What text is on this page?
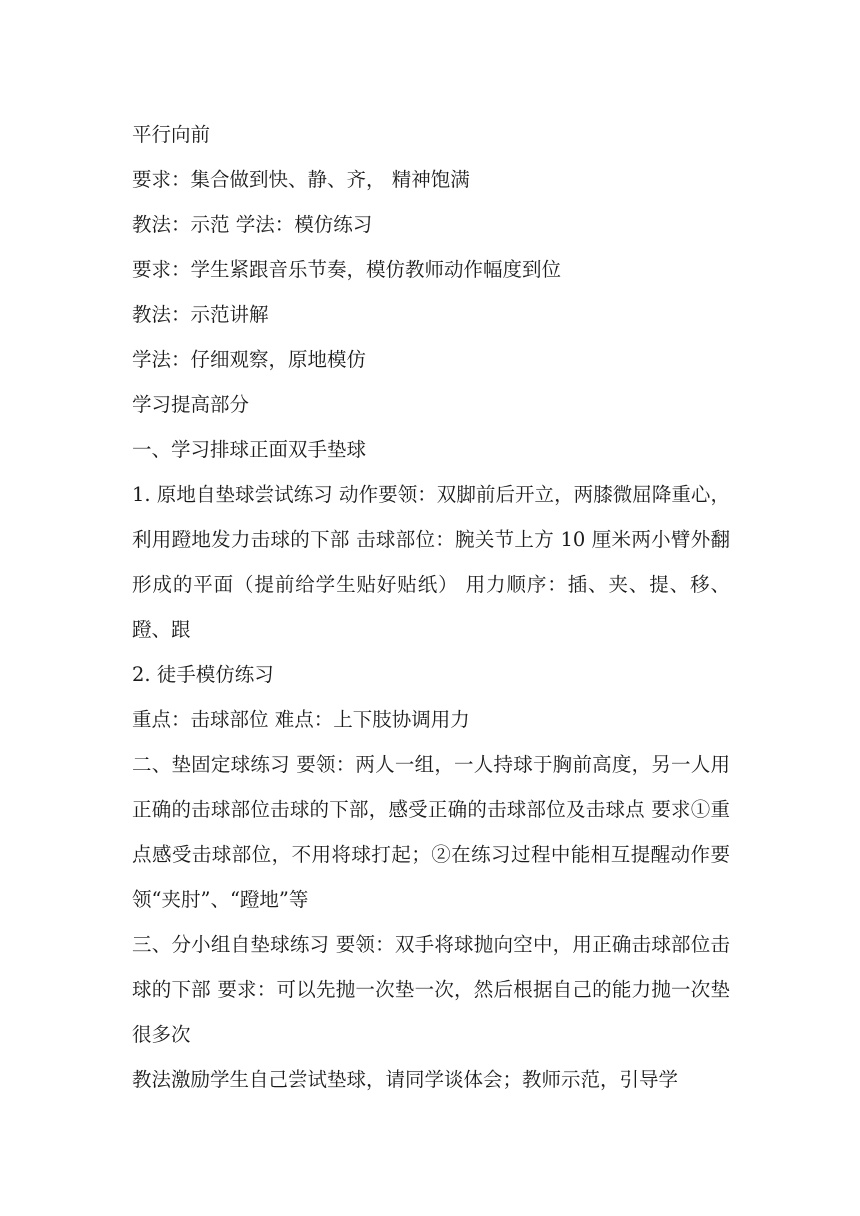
平行向前

要求：集合做到快、静、齐， 精神饱满

教法：示范 学法：模仿练习

要求：学生紧跟音乐节奏，模仿教师动作幅度到位

教法：示范讲解

学法：仔细观察，原地模仿

学习提高部分

一、学习排球正面双手垫球

1. 原地自垫球尝试练习 动作要领：双脚前后开立，两膝微屈降重心，利用蹬地发力击球的下部 击球部位：腕关节上方 10 厘米两小臂外翻形成的平面（提前给学生贴好贴纸） 用力顺序：插、夹、提、移、蹬、跟

2. 徒手模仿练习

重点：击球部位 难点：上下肢协调用力

二、垫固定球练习 要领：两人一组，一人持球于胸前高度，另一人用正确的击球部位击球的下部，感受正确的击球部位及击球点 要求①重点感受击球部位，不用将球打起；②在练习过程中能相互提醒动作要领“夹肘”、“蹬地”等

三、分小组自垫球练习 要领：双手将球抛向空中，用正确击球部位击球的下部 要求：可以先抛一次垫一次，然后根据自己的能力抛一次垫很多次

教法激励学生自己尝试垫球，请同学谈体会；教师示范，引导学
